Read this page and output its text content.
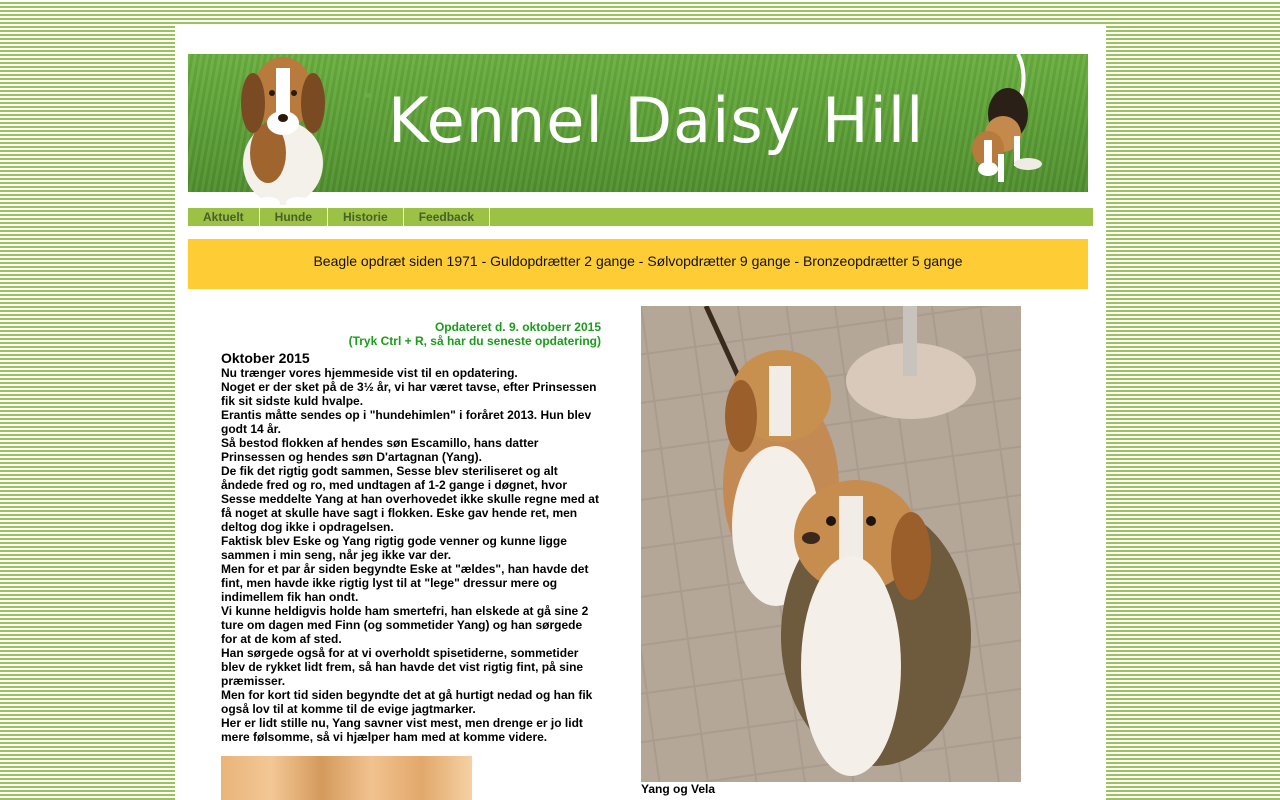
Kennel Daisy Hill
Aktuelt	Hunde	Historie	Feedback
Beagle opdræt siden 1971 - Guldopdrætter 2 gange - Sølvopdrætter 9 gange - Bronzeopdrætter 5 gange
Opdateret d. 9. oktoberr 2015
(Tryk Ctrl + R, så har du seneste opdatering)
Oktober 2015

Nu trænger vores hjemmeside vist til en opdatering.

Noget er der sket på de 3½ år, vi har været tavse, efter Prinsessen fik sit sidste kuld hvalpe.

Erantis måtte sendes op i "hundehimlen" i foråret 2013. Hun blev godt 14 år.

Så bestod flokken af hendes søn Escamillo, hans datter Prinsessen og hendes søn D'artagnan (Yang).

De fik det rigtig godt sammen, Sesse blev steriliseret og alt åndede fred og ro, med undtagen af 1-2 gange i døgnet, hvor Sesse meddelte Yang at han overhovedet ikke skulle regne med at få noget at skulle have sagt i flokken. Eske gav hende ret, men deltog dog ikke i opdragelsen.

Faktisk blev Eske og Yang rigtig gode venner og kunne ligge sammen i min seng, når jeg ikke var der.

Men for et par år siden begyndte Eske at "ældes", han havde det fint, men havde ikke rigtig lyst til at "lege" dressur mere og indimellem fik han ondt.

Vi kunne heldigvis holde ham smertefri, han elskede at gå sine 2 ture om dagen med Finn (og sommetider Yang) og han sørgede for at de kom af sted.

Han sørgede også for at vi overholdt spisetiderne, sommetider blev de rykket lidt frem, så han havde det vist rigtig fint, på sine præmisser.

Men for kort tid siden begyndte det at gå hurtigt nedad og han fik også lov til at komme til de evige jagtmarker.

Her er lidt stille nu, Yang savner vist mest, men drenge er jo lidt mere følsomme, så vi hjælper ham med at komme videre.

Yang og Vela
